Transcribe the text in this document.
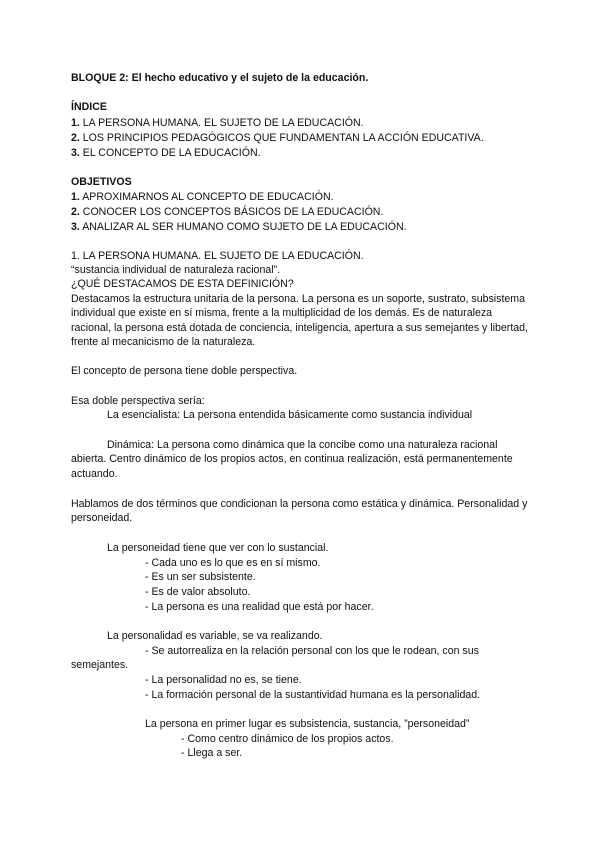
BLOQUE 2: El hecho educativo y el sujeto de la educación.
ÍNDICE
1. LA PERSONA HUMANA. EL SUJETO DE LA EDUCACIÓN.
2. LOS PRINCIPIOS PEDAGÓGICOS QUE FUNDAMENTAN LA ACCIÓN EDUCATIVA.
3. EL CONCEPTO DE LA EDUCACIÓN.
OBJETIVOS
1. APROXIMARNOS AL CONCEPTO DE EDUCACIÓN.
2. CONOCER LOS CONCEPTOS BÁSICOS DE LA EDUCACIÓN.
3. ANALIZAR AL SER HUMANO COMO SUJETO DE LA EDUCACIÓN.
1. LA PERSONA HUMANA. EL SUJETO DE LA EDUCACIÓN.
“sustancia individual de naturaleza racional”.
¿QUÉ DESTACAMOS DE ESTA DEFINICIÓN?
Destacamos la estructura unitaria de la persona. La persona es un soporte, sustrato, subsistema individual que existe en sí misma, frente a la multiplicidad de los demás. Es de naturaleza racional, la persona está dotada de conciencia, inteligencia, apertura a sus semejantes y libertad, frente al mecanicismo de la naturaleza.
El concepto de persona tiene doble perspectiva.
Esa doble perspectiva sería:
La esencialista: La persona entendida básicamente como sustancia individual
Dinámica: La persona como dinámica que la concibe como una naturaleza racional abierta. Centro dinámico de los propios actos, en continua realización, está permanentemente actuando.
Hablamos de dos términos que condicionan la persona como estática y dinámica. Personalidad y personeidad.
La personeidad tiene que ver con lo sustancial.
- Cada uno es lo que es en sí mismo.
- Es un ser subsistente.
- Es de valor absoluto.
- La persona es una realidad que está por hacer.
La personalidad es variable, se va realizando.
- Se autorrealiza en la relación personal con los que le rodean, con sus
semejantes.
- La personalidad no es, se tiene.
- La formación personal de la sustantividad humana es la personalidad.
La persona en primer lugar es subsistencia, sustancia, ”personeidad”
- Como centro dinámico de los propios actos.
- Llega a ser.
